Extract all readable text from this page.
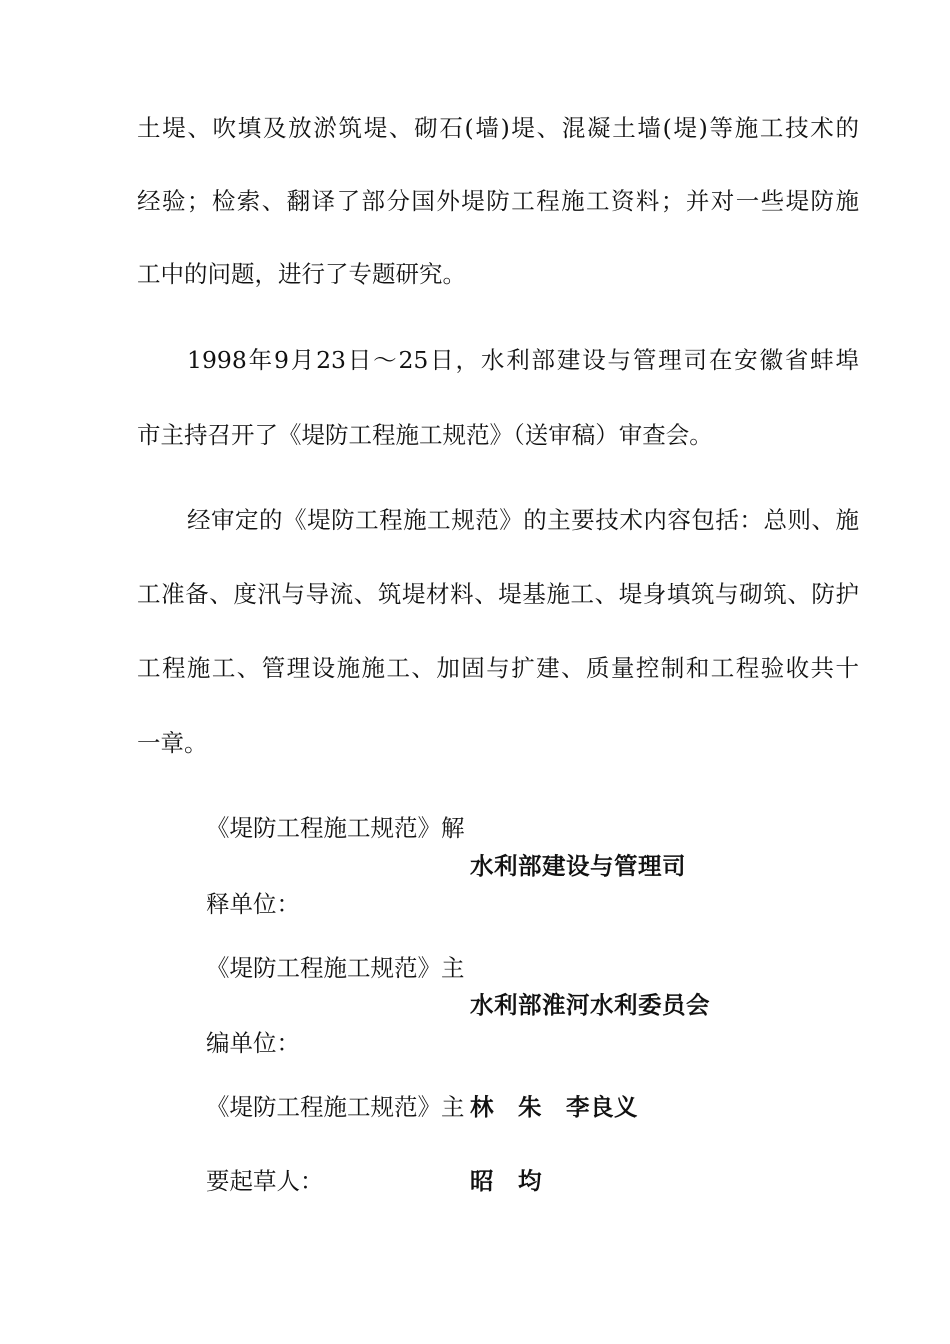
土堤、吹填及放淤筑堤、砌石(墙)堤、混凝土墙(堤)等施工技术的
经验；检索、翻译了部分国外堤防工程施工资料；并对一些堤防施
工中的问题，进行了专题研究。
1998年9月23日～25日，水利部建设与管理司在安徽省蚌埠
市主持召开了《堤防工程施工规范》（送审稿）审查会。
经审定的《堤防工程施工规范》的主要技术内容包括：总则、施
工准备、度汛与导流、筑堤材料、堤基施工、堤身填筑与砌筑、防护
工程施工、管理设施施工、加固与扩建、质量控制和工程验收共十
一章。
《堤防工程施工规范》解
水利部建设与管理司
释单位：
《堤防工程施工规范》主
水利部淮河水利委员会
编单位：
《堤防工程施工规范》主 林　朱　李良义
要起草人：	昭　均
